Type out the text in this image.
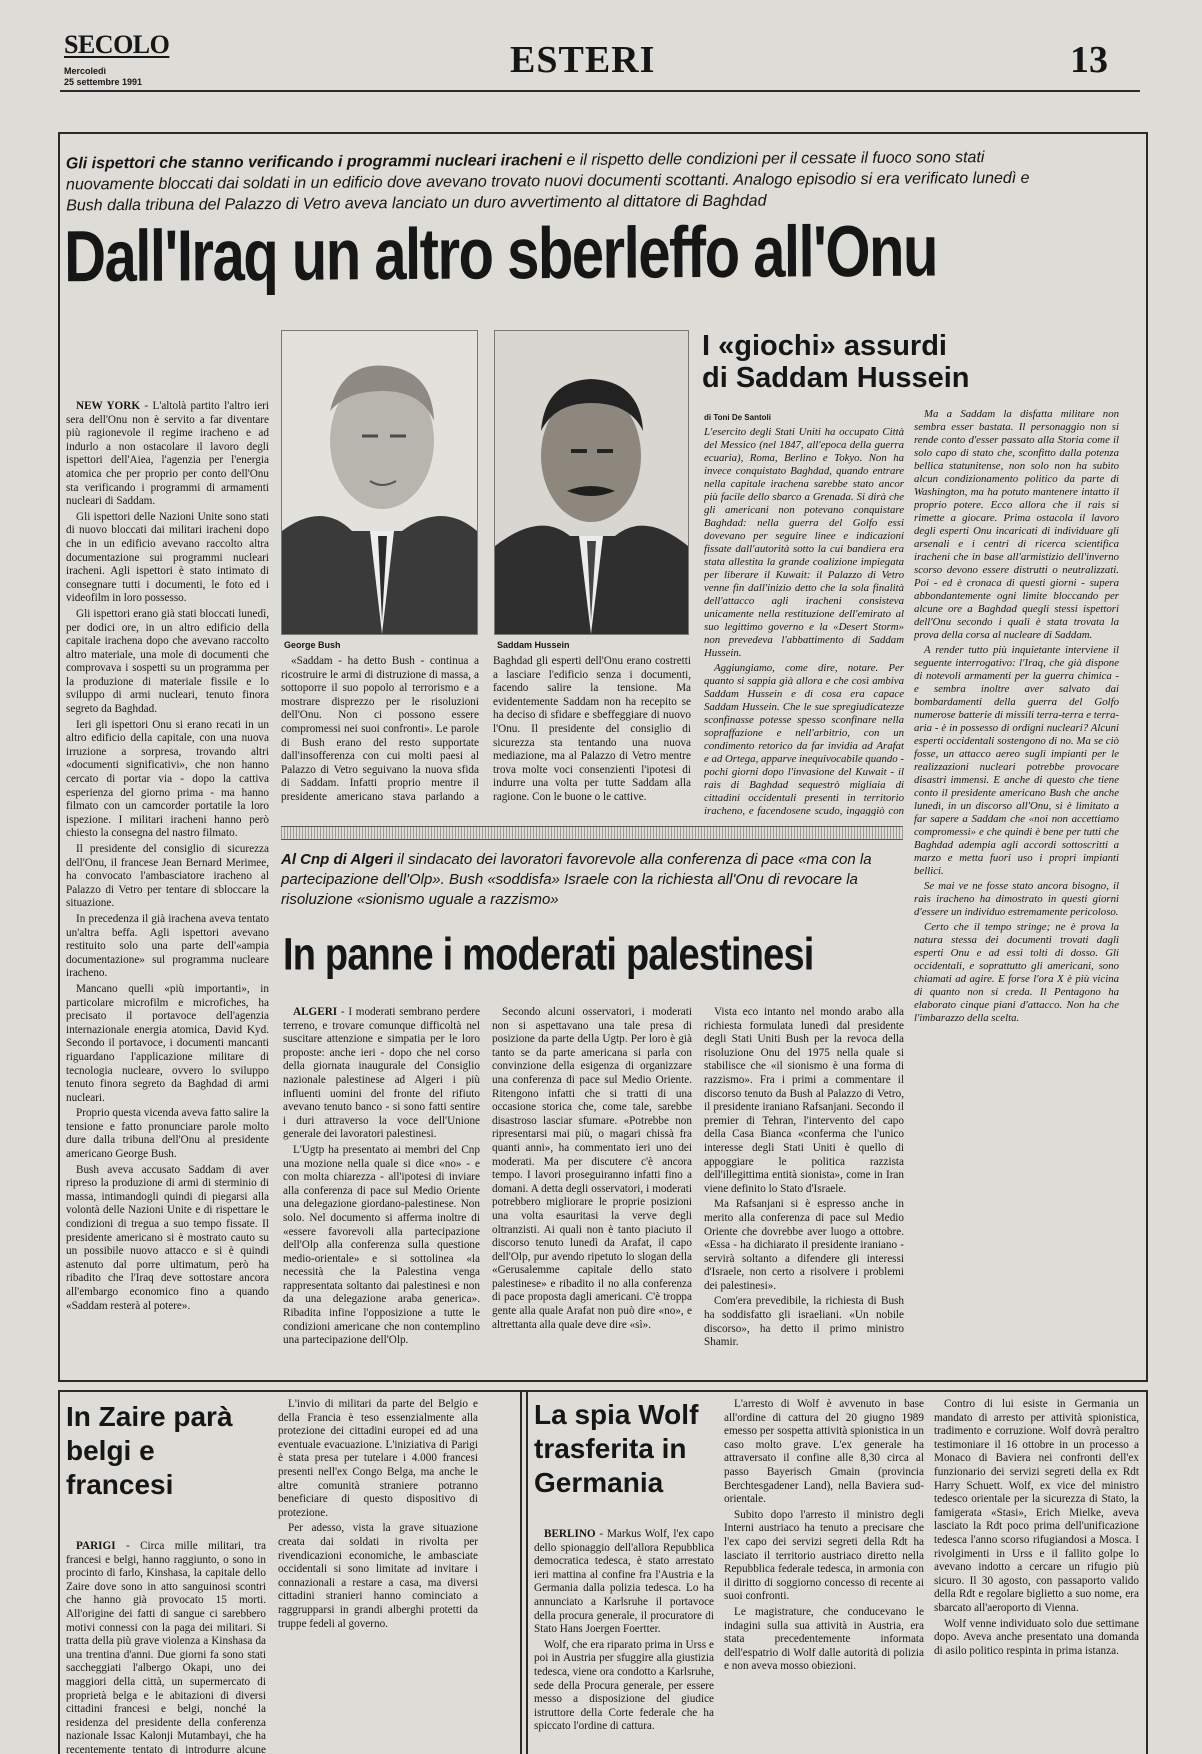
SECOLO
Mercoledì
25 settembre 1991
ESTERI	13
Gli ispettori che stanno verificando i programmi nucleari iracheni e il rispetto delle condizioni per il cessate il fuoco sono stati nuovamente bloccati dai soldati in un edificio dove avevano trovato nuovi documenti scottanti. Analogo episodio si era verificato lunedì e Bush dalla tribuna del Palazzo di Vetro aveva lanciato un duro avvertimento al dittatore di Baghdad
Dall'Iraq un altro sberleffo all'Onu
George Bush	Saddam Hussein

NEW YORK - L'altolà partito l'altro ieri sera dell'Onu non è servito a far diventare più ragionevole il regime iracheno e ad indurlo a non ostacolare il lavoro degli ispettori dell'Aiea, l'agenzia per l'energia atomica che per proprio per conto dell'Onu sta verificando i programmi di armamenti nucleari di Saddam.

Gli ispettori delle Nazioni Unite sono stati di nuovo bloccati dai militari iracheni dopo che in un edificio avevano raccolto altra documentazione sui programmi nucleari iracheni. Agli ispettori è stato intimato di consegnare tutti i documenti, le foto ed i videofilm in loro possesso.

Gli ispettori erano già stati bloccati lunedì, per dodici ore, in un altro edificio della capitale irachena dopo che avevano raccolto altro materiale, una mole di documenti che comprovava i sospetti su un programma per la produzione di materiale fissile e lo sviluppo di armi nucleari, tenuto finora segreto da Baghdad.

Ieri gli ispettori Onu si erano recati in un altro edificio della capitale, con una nuova irruzione a sorpresa, trovando altri «documenti significativi», che non hanno cercato di portar via - dopo la cattiva esperienza del giorno prima - ma hanno filmato con un camcorder portatile la loro ispezione. I militari iracheni hanno però chiesto la consegna del nastro filmato.

Il presidente del consiglio di sicurezza dell'Onu, il francese Jean Bernard Merimee, ha convocato l'ambasciatore iracheno al Palazzo di Vetro per tentare di sbloccare la situazione.

In precedenza il già irachena aveva tentato un'altra beffa. Agli ispettori avevano restituito solo una parte dell'«ampia documentazione» sul programma nucleare iracheno.

Mancano quelli «più importanti», in particolare microfilm e microfiches, ha precisato il portavoce dell'agenzia internazionale energia atomica, David Kyd. Secondo il portavoce, i documenti mancanti riguardano l'applicazione militare di tecnologia nucleare, ovvero lo sviluppo tenuto finora segreto da Baghdad di armi nucleari.

Proprio questa vicenda aveva fatto salire la tensione e fatto pronunciare parole molto dure dalla tribuna dell'Onu al presidente americano George Bush.

Bush aveva accusato Saddam di aver ripreso la produzione di armi di sterminio di massa, intimandogli quindi di piegarsi alla volontà delle Nazioni Unite e di rispettare le condizioni di tregua a suo tempo fissate. Il presidente americano si è mostrato cauto su un possibile nuovo attacco e si è quindi astenuto dal porre ultimatum, però ha ribadito che l'Iraq deve sottostare ancora all'embargo economico fino a quando «Saddam resterà al potere».

«Saddam - ha detto Bush - continua a ricostruire le armi di distruzione di massa, a sottoporre il suo popolo al terrorismo e a mostrare disprezzo per le risoluzioni dell'Onu. Non ci possono essere compromessi nei suoi confronti». Le parole di Bush erano del resto supportate dall'insofferenza con cui molti paesi al Palazzo di Vetro seguivano la nuova sfida di Saddam. Infatti proprio mentre il presidente americano stava parlando a Baghdad gli esperti dell'Onu erano costretti a lasciare l'edificio senza i documenti, facendo salire la tensione. Ma evidentemente Saddam non ha recepito se ha deciso di sfidare e sbeffeggiare di nuovo l'Onu. Il presidente del consiglio di sicurezza sta tentando una nuova mediazione, ma al Palazzo di Vetro mentre trova molte voci consenzienti l'ipotesi di indurre una volta per tutte Saddam alla ragione. Con le buone o le cattive.

I «giochi» assurdi
di Saddam Hussein
di Toni De Santoli

L'esercito degli Stati Uniti ha occupato Città del Messico (nel 1847, all'epoca della guerra ecuaria), Roma, Berlino e Tokyo. Non ha invece conquistato Baghdad, quando entrare nella capitale irachena sarebbe stato ancor più facile dello sbarco a Grenada. Si dirà che gli americani non potevano conquistare Baghdad: nella guerra del Golfo essi dovevano per seguire linee e indicazioni fissate dall'autorità sotto la cui bandiera era stata allestita la grande coalizione impiegata per liberare il Kuwait: il Palazzo di Vetro venne fin dall'inizio detto che la sola finalità dell'attacco agli iracheni consisteva unicamente nella restituzione dell'emirato al suo legittimo governo e la «Desert Storm» non prevedeva l'abbattimento di Saddam Hussein.

Aggiungiamo, come dire, notare. Per quanto si sappia già allora e che così ambiva Saddam Hussein e di cosa era capace Saddam Hussein. Che le sue spregiudicatezze sconfinasse potesse spesso sconfinare nella sopraffazione e nell'arbitrio, con un condimento retorico da far invidia ad Arafat e ad Ortega, apparve inequivocabile quando - pochi giorni dopo l'invasione del Kuwait - il raìs di Baghdad sequestrò migliaia di cittadini occidentali presenti in territorio iracheno, e facendosene scudo, ingaggiò con

Ma a Saddam la disfatta militare non sembra esser bastata. Il personaggio non si rende conto d'esser passato alla Storia come il solo capo di stato che, sconfitto dalla potenza bellica statunitense, non solo non ha subìto alcun condizionamento politico da parte di Washington, ma ha potuto mantenere intatto il proprio potere. Ecco allora che il raìs si rimette a giocare. Prima ostacola il lavoro degli esperti Onu incaricati di individuare gli arsenali e i centri di ricerca scientifica iracheni che in base all'armistizio dell'inverno scorso devono essere distrutti o neutralizzati. Poi - ed è cronaca di questi giorni - supera abbondantemente ogni limite bloccando per alcune ore a Baghdad quegli stessi ispettori dell'Onu secondo i quali è stata trovata la prova della corsa al nucleare di Saddam.

A render tutto più inquietante interviene il seguente interrogativo: l'Iraq, che già dispone di notevoli armamenti per la guerra chimica - e sembra inoltre aver salvato dai bombardamenti della guerra del Golfo numerose batterie di missili terra-terra e terra-aria - è in possesso di ordigni nucleari? Alcuni esperti occidentali sostengono di no. Ma se ciò fosse, un attacco aereo sugli impianti per le realizzazioni nucleari potrebbe provocare disastri immensi. E anche di questo che tiene conto il presidente americano Bush che anche lunedì, in un discorso all'Onu, si è limitato a far sapere a Saddam che «noi non accettiamo compromessi» e che quindi è bene per tutti che Baghdad adempia agli accordi sottoscritti a marzo e metta fuori uso i propri impianti bellici.

Se mai ve ne fosse stato ancora bisogno, il raìs iracheno ha dimostrato in questi giorni d'essere un individuo estremamente pericoloso.

Certo che il tempo stringe; ne è prova la natura stessa dei documenti trovati dagli esperti Onu e ad essi tolti di dosso. Gli occidentali, e soprattutto gli americani, sono chiamati ad agire. E forse l'ora X è più vicina di quanto non si creda. Il Pentagono ha elaborato cinque piani d'attacco. Non ha che l'imbarazzo della scelta.

Al Cnp di Algeri il sindacato dei lavoratori favorevole alla conferenza di pace «ma con la partecipazione dell'Olp». Bush «soddisfa» Israele con la richiesta all'Onu di revocare la risoluzione «sionismo uguale a razzismo»
In panne i moderati palestinesi

ALGERI - I moderati sembrano perdere terreno, e trovare comunque difficoltà nel suscitare attenzione e simpatia per le loro proposte: anche ieri - dopo che nel corso della giornata inaugurale del Consiglio nazionale palestinese ad Algeri i più influenti uomini del fronte del rifiuto avevano tenuto banco - si sono fatti sentire i duri attraverso la voce dell'Unione generale dei lavoratori palestinesi.

L'Ugtp ha presentato ai membri del Cnp una mozione nella quale si dice «no» - e con molta chiarezza - all'ipotesi di inviare alla conferenza di pace sul Medio Oriente una delegazione giordano-palestinese. Non solo. Nel documento si afferma inoltre di «essere favorevoli alla partecipazione dell'Olp alla conferenza sulla questione medio-orientale» e si sottolinea «la necessità che la Palestina venga rappresentata soltanto dai palestinesi e non da una delegazione araba generica». Ribadita infine l'opposizione a tutte le condizioni americane che non contemplino una partecipazione dell'Olp.

Secondo alcuni osservatori, i moderati non si aspettavano una tale presa di posizione da parte della Ugtp. Per loro è già tanto se da parte americana si parla con convinzione della esigenza di organizzare una conferenza di pace sul Medio Oriente. Ritengono infatti che si tratti di una occasione storica che, come tale, sarebbe disastroso lasciar sfumare. «Potrebbe non ripresentarsi mai più, o magari chissà fra quanti anni», ha commentato ieri uno dei moderati. Ma per discutere c'è ancora tempo. I lavori proseguiranno infatti fino a domani. A detta degli osservatori, i moderati potrebbero migliorare le proprie posizioni una volta esauritasi la verve degli oltranzisti. Ai quali non è tanto piaciuto il discorso tenuto lunedì da Arafat, il capo dell'Olp, pur avendo ripetuto lo slogan della «Gerusalemme capitale dello stato palestinese» e ribadito il no alla conferenza di pace proposta dagli americani. C'è troppa gente alla quale Arafat non può dire «no», e altrettanta alla quale deve dire «sì».

Vista eco intanto nel mondo arabo alla richiesta formulata lunedì dal presidente degli Stati Uniti Bush per la revoca della risoluzione Onu del 1975 nella quale si stabilisce che «il sionismo è una forma di razzismo». Fra i primi a commentare il discorso tenuto da Bush al Palazzo di Vetro, il presidente iraniano Rafsanjani. Secondo il premier di Tehran, l'intervento del capo della Casa Bianca «conferma che l'unico interesse degli Stati Uniti è quello di appoggiare le politica razzista dell'illegittima entità sionista», come in Iran viene definito lo Stato d'Israele.

Ma Rafsanjani si è espresso anche in merito alla conferenza di pace sul Medio Oriente che dovrebbe aver luogo a ottobre. «Essa - ha dichiarato il presidente iraniano - servirà soltanto a difendere gli interessi d'Israele, non certo a risolvere i problemi dei palestinesi».

Com'era prevedibile, la richiesta di Bush ha soddisfatto gli israeliani. «Un nobile discorso», ha detto il primo ministro Shamir.

In Zaire parà belgi e francesi

PARIGI - Circa mille militari, tra francesi e belgi, hanno raggiunto, o sono in procinto di farlo, Kinshasa, la capitale dello Zaire dove sono in atto sanguinosi scontri che hanno già provocato 15 morti. All'origine dei fatti di sangue ci sarebbero motivi connessi con la paga dei militari. Si tratta della più grave violenza a Kinshasa da una trentina d'anni. Due giorni fa sono stati saccheggiati l'albergo Okapi, uno dei maggiori della città, un supermercato di proprietà belga e le abitazioni di diversi cittadini francesi e belgi, nonché la residenza del presidente della conferenza nazionale Issac Kalonji Mutambayi, che ha recentemente tentato di introdurre alcune

L'invio di militari da parte del Belgio e della Francia è teso essenzialmente alla protezione dei cittadini europei ed ad una eventuale evacuazione. L'iniziativa di Parigi è stata presa per tutelare i 4.000 francesi presenti nell'ex Congo Belga, ma anche le altre comunità straniere potranno beneficiare di questo dispositivo di protezione.

Per adesso, vista la grave situazione creata dai soldati in rivolta per rivendicazioni economiche, le ambasciate occidentali si sono limitate ad invitare i connazionali a restare a casa, ma diversi cittadini stranieri hanno cominciato a raggrupparsi in grandi alberghi protetti da truppe fedeli al governo.

La spia Wolf trasferita in Germania

BERLINO - Markus Wolf, l'ex capo dello spionaggio dell'allora Repubblica democratica tedesca, è stato arrestato ieri mattina al confine fra l'Austria e la Germania dalla polizia tedesca. Lo ha annunciato a Karlsruhe il portavoce della procura generale, il procuratore di Stato Hans Joergen Foertter.

Wolf, che era riparato prima in Urss e poi in Austria per sfuggire alla giustizia tedesca, viene ora condotto a Karlsruhe, sede della Procura generale, per essere messo a disposizione del giudice istruttore della Corte federale che ha spiccato l'ordine di cattura.

L'arresto di Wolf è avvenuto in base all'ordine di cattura del 20 giugno 1989 emesso per sospetta attività spionistica in un caso molto grave. L'ex generale ha attraversato il confine alle 8,30 circa al passo Bayerisch Gmain (provincia Berchtesgadener Land), nella Baviera sud-orientale.

Subito dopo l'arresto il ministro degli Interni austriaco ha tenuto a precisare che l'ex capo dei servizi segreti della Rdt ha lasciato il territorio austriaco diretto nella Repubblica federale tedesca, in armonia con il diritto di soggiorno concesso di recente ai suoi confronti.

Le magistrature, che conducevano le indagini sulla sua attività in Austria, era stata precedentemente informata dell'espatrio di Wolf dalle autorità di polizia e non aveva mosso obiezioni.

Contro di lui esiste in Germania un mandato di arresto per attività spionistica, tradimento e corruzione. Wolf dovrà peraltro testimoniare il 16 ottobre in un processo a Monaco di Baviera nei confronti dell'ex funzionario dei servizi segreti della ex Rdt Harry Schuett. Wolf, ex vice del ministro tedesco orientale per la sicurezza di Stato, la famigerata «Stasi», Erich Mielke, aveva lasciato la Rdt poco prima dell'unificazione tedesca l'anno scorso rifugiandosi a Mosca. I rivolgimenti in Urss e il fallito golpe lo avevano indotto a cercare un rifugio più sicuro. Il 30 agosto, con passaporto valido della Rdt e regolare biglietto a suo nome, era sbarcato all'aeroporto di Vienna.

Wolf venne individuato solo due settimane dopo. Aveva anche presentato una domanda di asilo politico respinta in prima istanza.
